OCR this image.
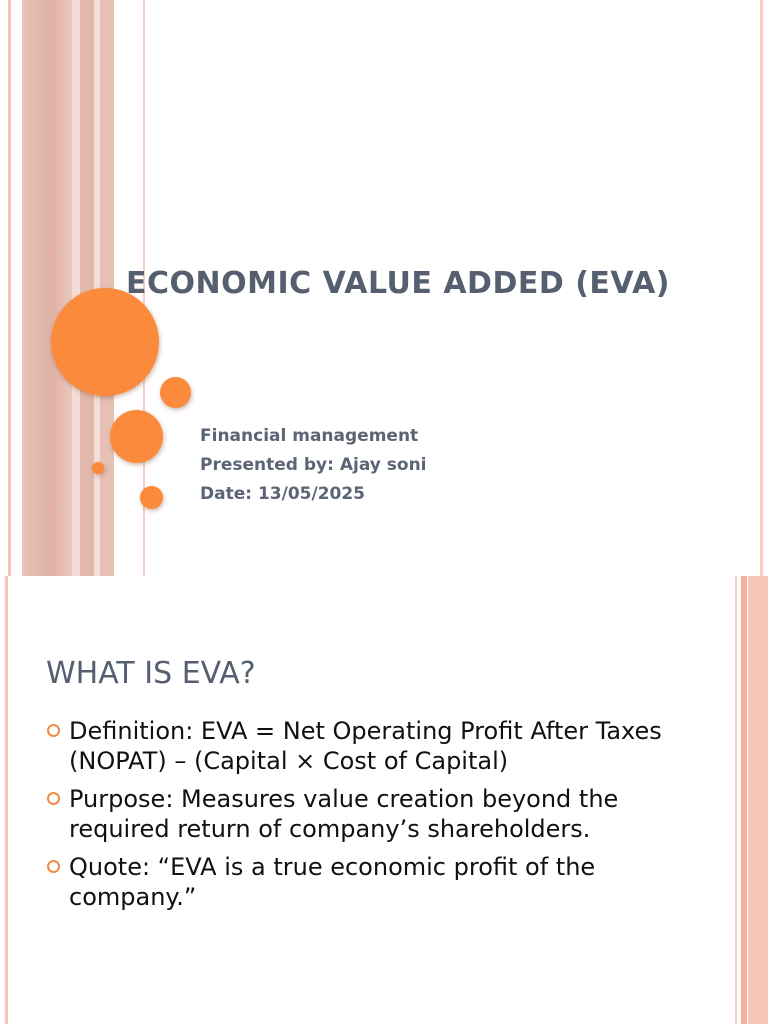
ECONOMIC VALUE ADDED (EVA)
Financial management
Presented by: Ajay soni
Date: 13/05/2025
WHAT IS EVA?
Definition: EVA = Net Operating Profit After Taxes (NOPAT) – (Capital × Cost of Capital)
Purpose: Measures value creation beyond the required return of company’s shareholders.
Quote: “EVA is a true economic profit of the company.”
